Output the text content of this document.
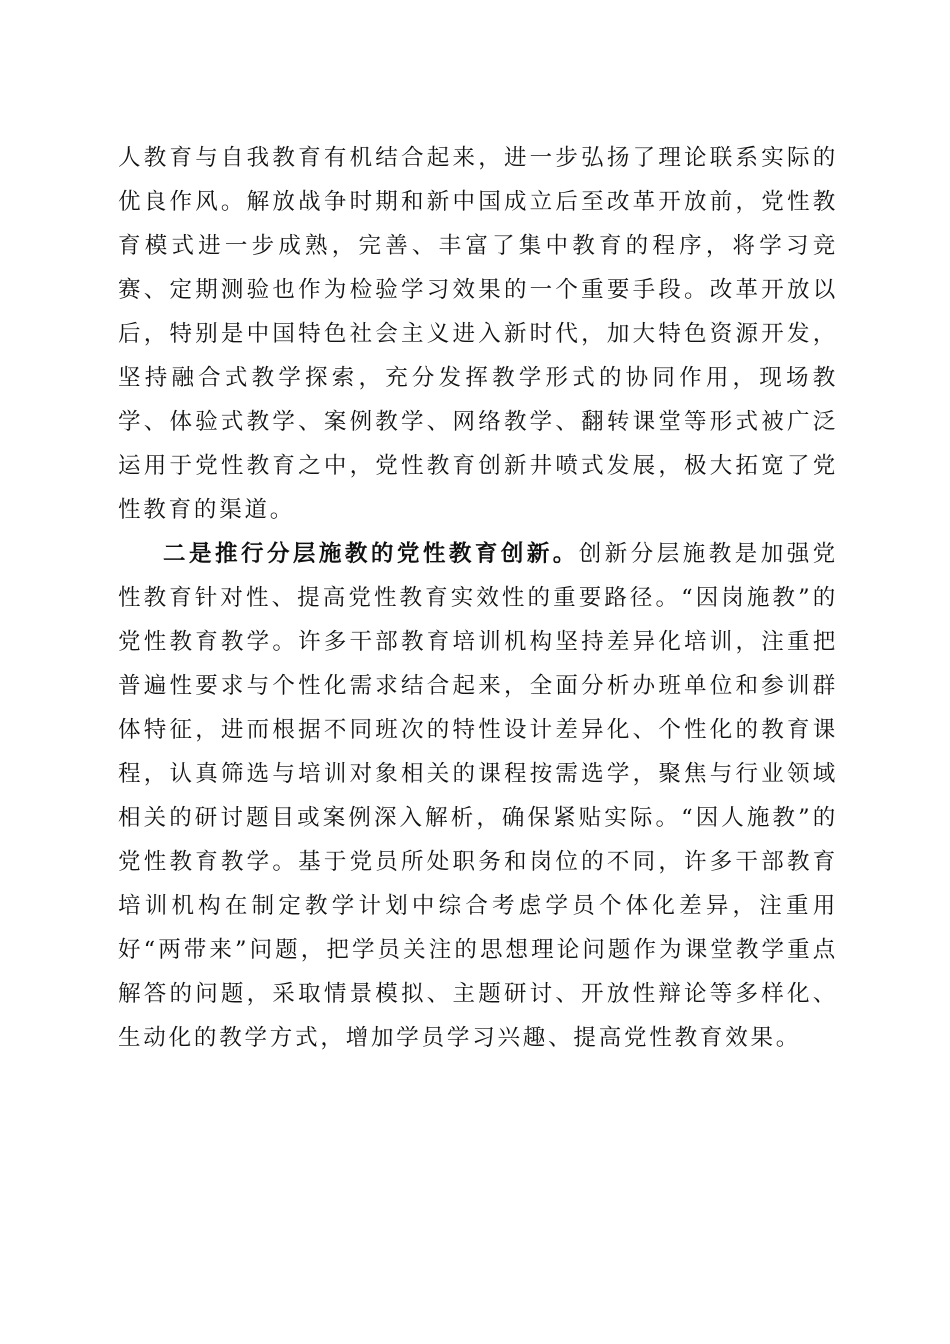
人教育与自我教育有机结合起来，进一步弘扬了理论联系实际的优良作风。解放战争时期和新中国成立后至改革开放前，党性教育模式进一步成熟，完善、丰富了集中教育的程序，将学习竞赛、定期测验也作为检验学习效果的一个重要手段。改革开放以后，特别是中国特色社会主义进入新时代，加大特色资源开发，坚持融合式教学探索，充分发挥教学形式的协同作用，现场教学、体验式教学、案例教学、网络教学、翻转课堂等形式被广泛运用于党性教育之中，党性教育创新井喷式发展，极大拓宽了党性教育的渠道。

二是推行分层施教的党性教育创新。创新分层施教是加强党性教育针对性、提高党性教育实效性的重要路径。“因岗施教”的党性教育教学。许多干部教育培训机构坚持差异化培训，注重把普遍性要求与个性化需求结合起来，全面分析办班单位和参训群体特征，进而根据不同班次的特性设计差异化、个性化的教育课程，认真筛选与培训对象相关的课程按需选学，聚焦与行业领域相关的研讨题目或案例深入解析，确保紧贴实际。“因人施教”的党性教育教学。基于党员所处职务和岗位的不同，许多干部教育培训机构在制定教学计划中综合考虑学员个体化差异，注重用好“两带来”问题，把学员关注的思想理论问题作为课堂教学重点解答的问题，采取情景模拟、主题研讨、开放性辩论等多样化、生动化的教学方式，增加学员学习兴趣、提高党性教育效果。
